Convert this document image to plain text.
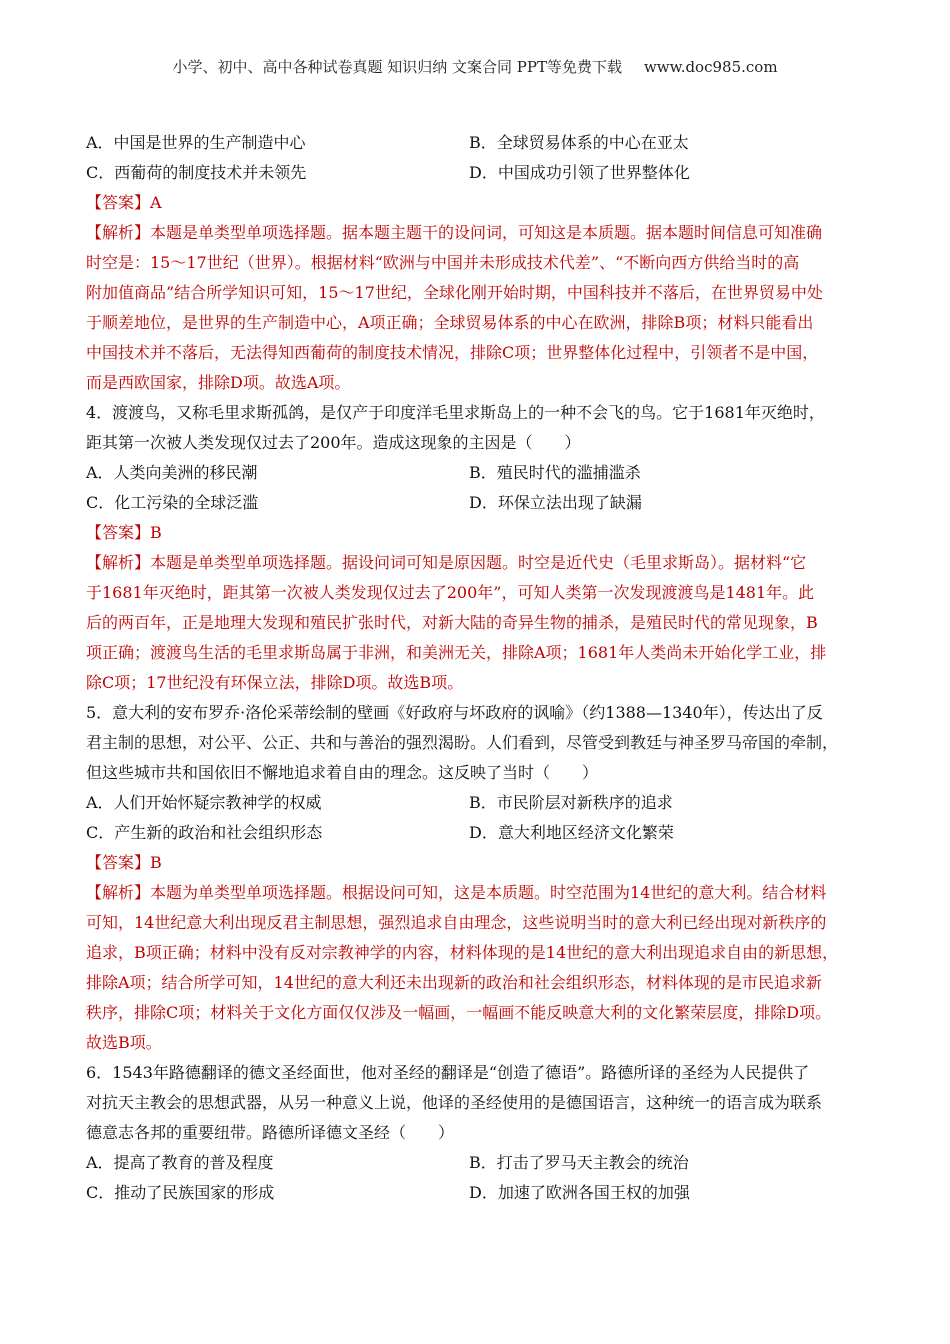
小学、初中、高中各种试卷真题 知识归纳 文案合同 PPT等免费下载 www.doc985.com
A．中国是世界的生产制造中心	B．全球贸易体系的中心在亚太
C．西葡荷的制度技术并未领先	D．中国成功引领了世界整体化
【答案】A

【解析】本题是单类型单项选择题。据本题主题干的设问词，可知这是本质题。据本题时间信息可知准确

时空是：15～17世纪（世界）。根据材料“欧洲与中国并未形成技术代差”、“不断向西方供给当时的高

附加值商品”结合所学知识可知，15～17世纪，全球化刚开始时期，中国科技并不落后，在世界贸易中处

于顺差地位，是世界的生产制造中心，A项正确；全球贸易体系的中心在欧洲，排除B项；材料只能看出

中国技术并不落后，无法得知西葡荷的制度技术情况，排除C项；世界整体化过程中，引领者不是中国，

而是西欧国家，排除D项。故选A项。

4．渡渡鸟，又称毛里求斯孤鸽，是仅产于印度洋毛里求斯岛上的一种不会飞的鸟。它于1681年灭绝时，

距其第一次被人类发现仅过去了200年。造成这现象的主因是（　　）

A．人类向美洲的移民潮	B．殖民时代的滥捕滥杀
C．化工污染的全球泛滥	D．环保立法出现了缺漏
【答案】B

【解析】本题是单类型单项选择题。据设问词可知是原因题。时空是近代史（毛里求斯岛）。据材料“它

于1681年灭绝时，距其第一次被人类发现仅过去了200年”，可知人类第一次发现渡渡鸟是1481年。此

后的两百年，正是地理大发现和殖民扩张时代，对新大陆的奇异生物的捕杀，是殖民时代的常见现象，B

项正确；渡渡鸟生活的毛里求斯岛属于非洲，和美洲无关，排除A项；1681年人类尚未开始化学工业，排

除C项；17世纪没有环保立法，排除D项。故选B项。

5．意大利的安布罗乔·洛伦采蒂绘制的壁画《好政府与坏政府的讽喻》（约1388—1340年），传达出了反

君主制的思想，对公平、公正、共和与善治的强烈渴盼。人们看到，尽管受到教廷与神圣罗马帝国的牵制，

但这些城市共和国依旧不懈地追求着自由的理念。这反映了当时（　　）

A．人们开始怀疑宗教神学的权威	B．市民阶层对新秩序的追求
C．产生新的政治和社会组织形态	D．意大利地区经济文化繁荣
【答案】B

【解析】本题为单类型单项选择题。根据设问可知，这是本质题。时空范围为14世纪的意大利。结合材料

可知，14世纪意大利出现反君主制思想，强烈追求自由理念，这些说明当时的意大利已经出现对新秩序的

追求，B项正确；材料中没有反对宗教神学的内容，材料体现的是14世纪的意大利出现追求自由的新思想，

排除A项；结合所学可知，14世纪的意大利还未出现新的政治和社会组织形态，材料体现的是市民追求新

秩序，排除C项；材料关于文化方面仅仅涉及一幅画，一幅画不能反映意大利的文化繁荣层度，排除D项。

故选B项。

6．1543年路德翻译的德文圣经面世，他对圣经的翻译是“创造了德语”。路德所译的圣经为人民提供了

对抗天主教会的思想武器，从另一种意义上说，他译的圣经使用的是德国语言，这种统一的语言成为联系

德意志各邦的重要纽带。路德所译德文圣经（　　）

A．提高了教育的普及程度	B．打击了罗马天主教会的统治
C．推动了民族国家的形成	D．加速了欧洲各国王权的加强
